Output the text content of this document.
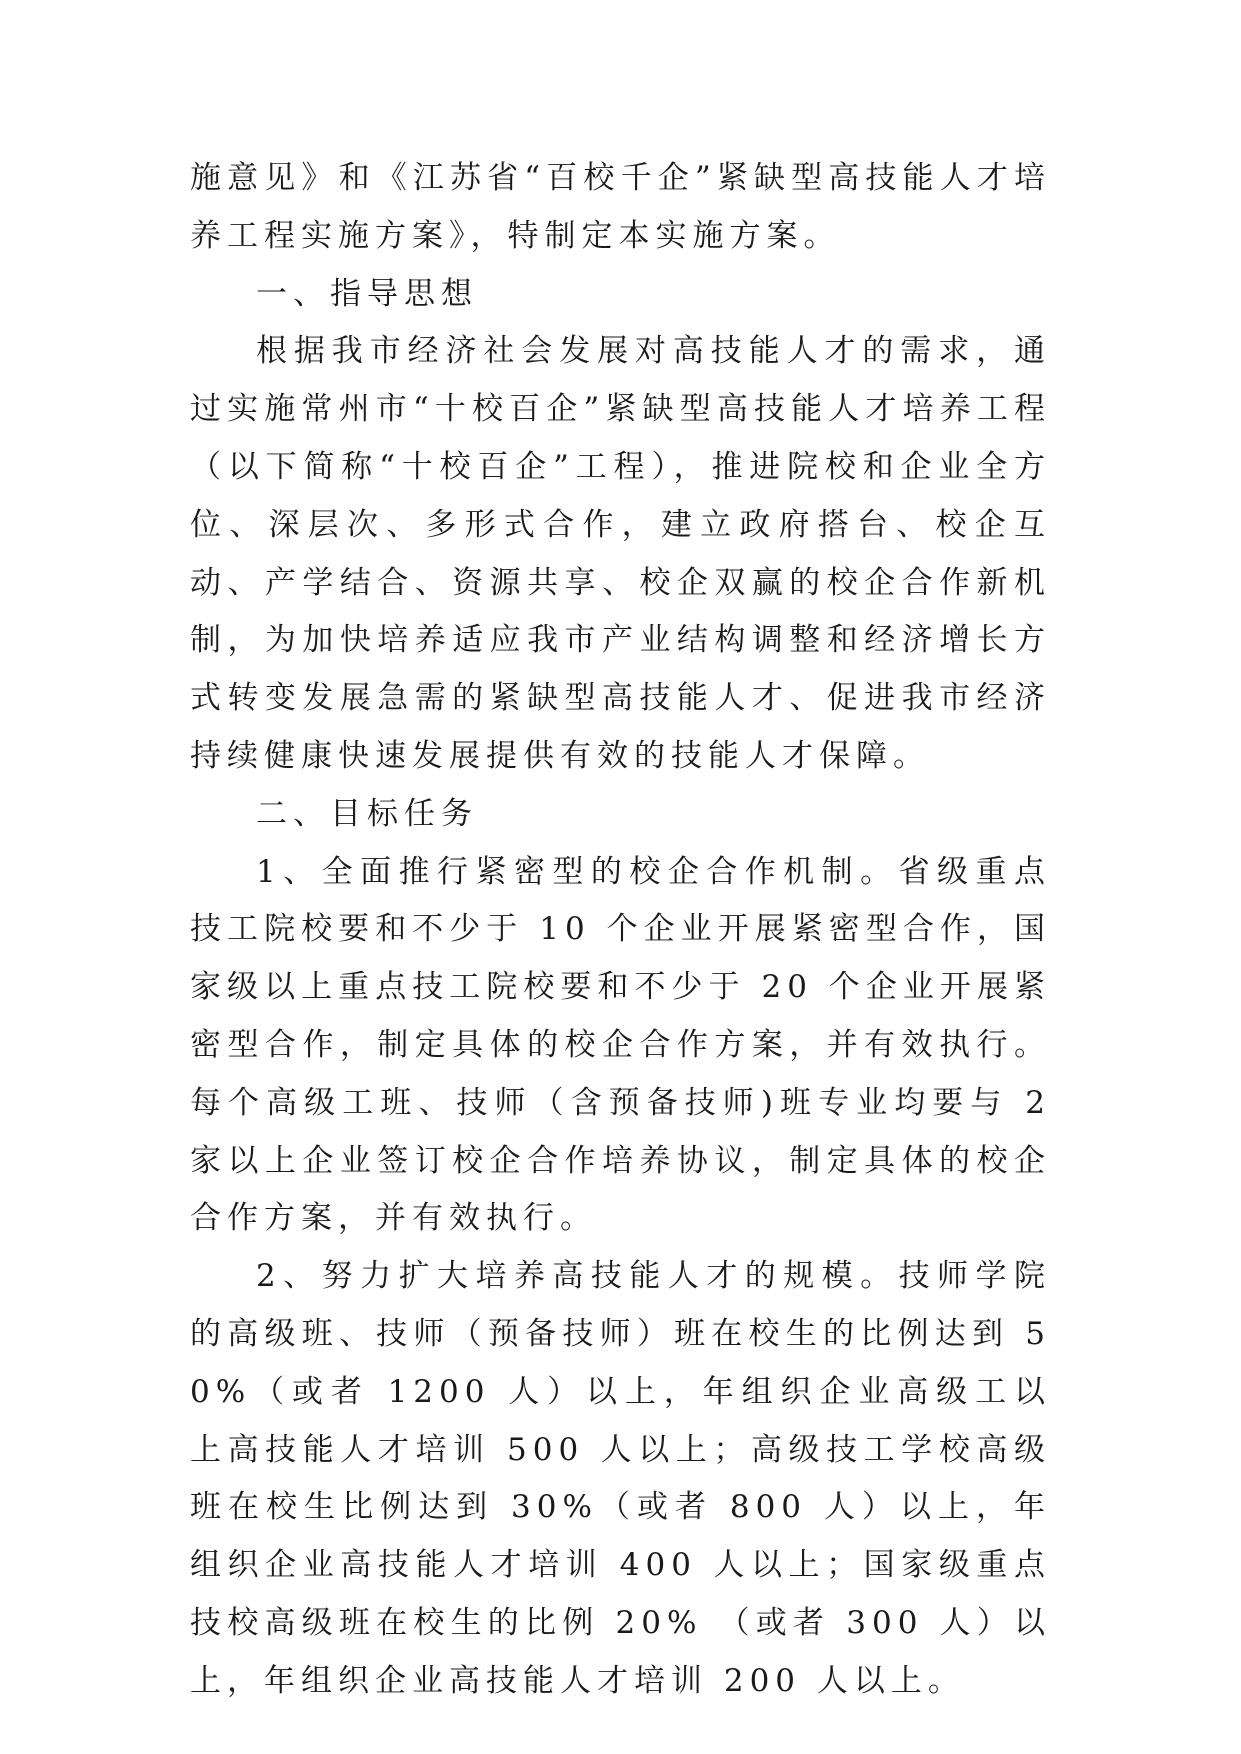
施意见》和《江苏省“百校千企”紧缺型高技能人才培养工程实施方案》，特制定本实施方案。

一、指导思想

根据我市经济社会发展对高技能人才的需求，通过实施常州市“十校百企”紧缺型高技能人才培养工程（以下简称“十校百企”工程），推进院校和企业全方位、深层次、多形式合作，建立政府搭台、校企互动、产学结合、资源共享、校企双赢的校企合作新机制，为加快培养适应我市产业结构调整和经济增长方式转变发展急需的紧缺型高技能人才、促进我市经济持续健康快速发展提供有效的技能人才保障。

二、目标任务

1、全面推行紧密型的校企合作机制。省级重点技工院校要和不少于 10 个企业开展紧密型合作，国家级以上重点技工院校要和不少于 20 个企业开展紧密型合作，制定具体的校企合作方案，并有效执行。每个高级工班、技师（含预备技师)班专业均要与 2 家以上企业签订校企合作培养协议，制定具体的校企合作方案，并有效执行。

2、努力扩大培养高技能人才的规模。技师学院的高级班、技师（预备技师）班在校生的比例达到 50%（或者 1200 人）以上，年组织企业高级工以上高技能人才培训 500 人以上；高级技工学校高级班在校生比例达到 30%（或者 800 人）以上，年组织企业高技能人才培训 400 人以上；国家级重点技校高级班在校生的比例 20% （或者 300 人）以上，年组织企业高技能人才培训 200 人以上。
